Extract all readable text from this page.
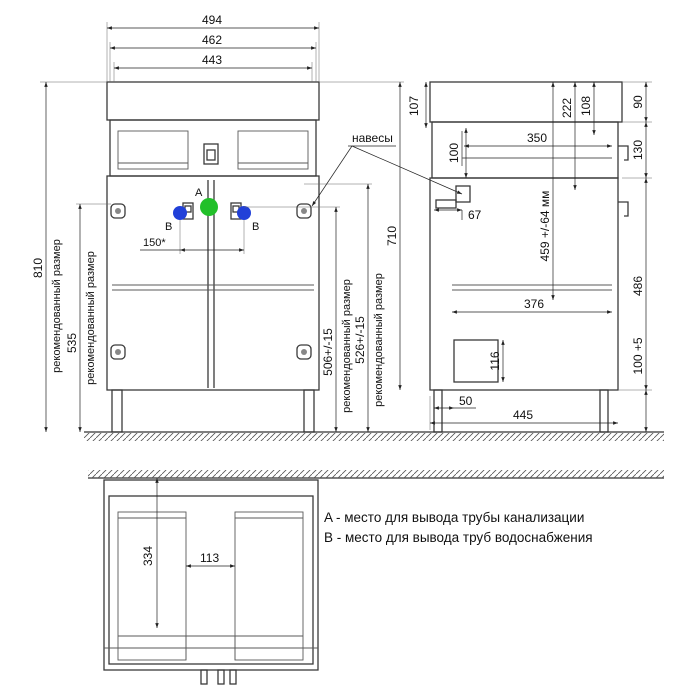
A
B	B
150*
494
462
443
810 рекомендованный размер 535 рекомендованный размер	506+/-15 рекомендованный размер 526+/-15 рекомендованный размер
710
навесы
107
100
350
222 108
459 +/-64 мм
67
376
116
50
445
90
130
486
100 +5
334	113
A - место для вывода трубы канализации
B - место для вывода труб водоснабжения
